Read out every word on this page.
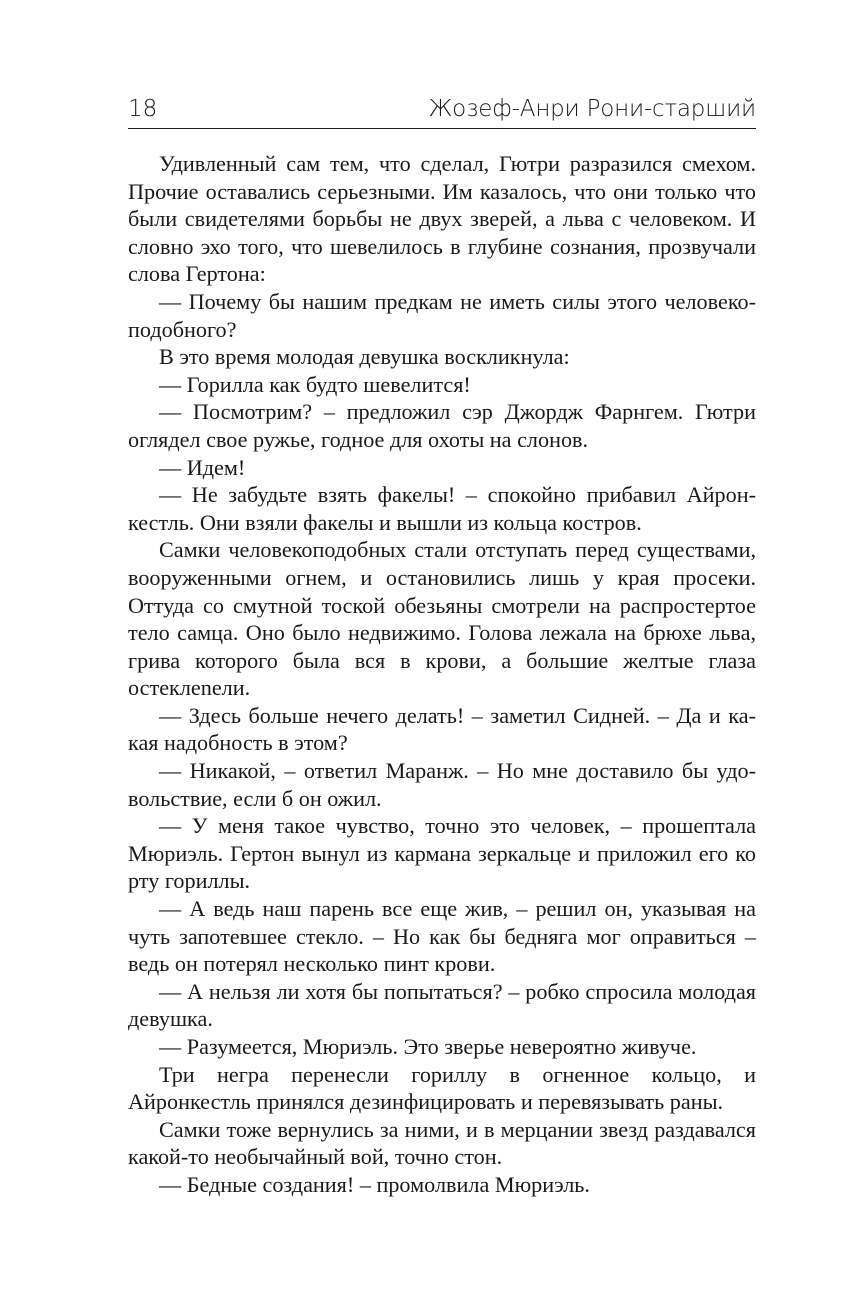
18	Жозеф-Анри Рони-старший

Удивленный сам тем, что сделал, Гютри разразился смехом. Прочие оставались серьезными. Им казалось, что они только что были свидетелями борьбы не двух зверей, а льва с человеком. И словно эхо того, что шевелилось в глубине сознания, прозвучали слова Гертона:

— Почему бы нашим предкам не иметь силы этого человекоподобного?

В это время молодая девушка воскликнула:

— Горилла как будто шевелится!

— Посмотрим? – предложил сэр Джордж Фарнгем. Гютри оглядел свое ружье, годное для охоты на слонов.

— Идем!

— Не забудьте взять факелы! – спокойно прибавил Айронкестль. Они взяли факелы и вышли из кольца костров.

Самки человекоподобных стали отступать перед существами, вооруженными огнем, и остановились лишь у края просеки. Оттуда со смутной тоской обезьяны смотрели на распростертое тело самца. Оно было недвижимо. Голова лежала на брюхе льва, грива которого была вся в крови, а большие желтые глаза остеклenели.

— Здесь больше нечего делать! – заметил Сидней. – Да и какая надобность в этом?

— Никакой, – ответил Маранж. – Но мне доставило бы удовольствие, если б он ожил.

— У меня такое чувство, точно это человек, – прошептала Мюриэль. Гертон вынул из кармана зеркальце и приложил его ко рту гориллы.

— А ведь наш парень все еще жив, – решил он, указывая на чуть запотевшее стекло. – Но как бы бедняга мог оправиться – ведь он потерял несколько пинт крови.

— А нельзя ли хотя бы попытаться? – робко спросила молодая девушка.

— Разумеется, Мюриэль. Это зверье невероятно живуче.

Три негра перенесли гориллу в огненное кольцо, и Айронкестль принялся дезинфицировать и перевязывать раны.

Самки тоже вернулись за ними, и в мерцании звезд раздавался какой-то необычайный вой, точно стон.

— Бедные создания! – промолвила Мюриэль.
